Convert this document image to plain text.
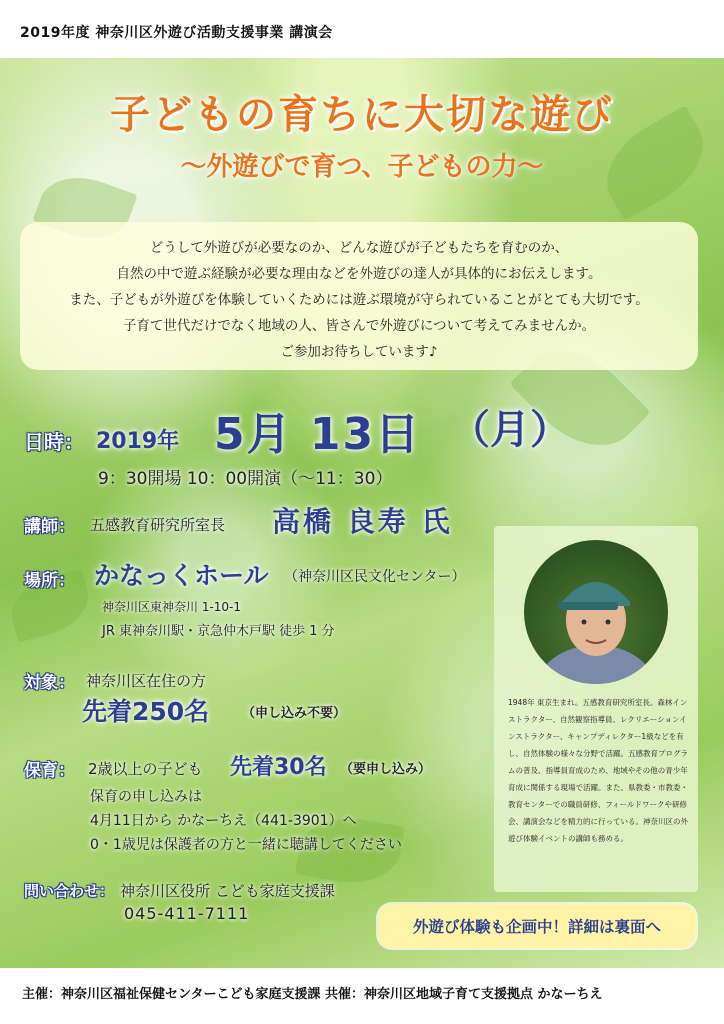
2019年度 神奈川区外遊び活動支援事業 講演会
子どもの育ちに大切な遊び
～外遊びで育つ、子どもの力～
どうして外遊びが必要なのか、どんな遊びが子どもたちを育むのか、
自然の中で遊ぶ経験が必要な理由などを外遊びの達人が具体的にお伝えします。
また、子どもが外遊びを体験していくためには遊ぶ環境が守られていることがとても大切です。
子育て世代だけでなく地域の人、皆さんで外遊びについて考えてみませんか。
ご参加お待ちしています♪
日時： 2019年 5月 13日 （月）
9：30開場 10：00開演（～11：30）
講師： 五感教育研究所室長 高橋 良寿 氏
場所： かなっくホール （神奈川区民文化センター）
神奈川区東神奈川 1-10-1
JR 東神奈川駅・京急仲木戸駅 徒歩 1 分
対象： 神奈川区在住の方
先着250名	（申し込み不要）
保育： 2歳以上の子ども 先着30名 （要申し込み）
保育の申し込みは
4月11日から かなーちえ（441-3901）へ
0・1歳児は保護者の方と一緒に聴講してください
問い合わせ： 神奈川区役所 こども家庭支援課
045-411-7111
1948年 東京生まれ。五感教育研究所室長。森林インストラクター、自然観察指導員、レクリエーションインストラクター、キャンプディレクター1級などを有し、自然体験の様々な分野で活躍。五感教育プログラムの普及、指導員育成のため、地域やその他の青少年育成に関係する現場で活躍。また、県教委・市教委・教育センターでの職員研修、フィールドワークや研修会、講演会などを精力的に行っている。神奈川区の外遊び体験イベントの講師も務める。
外遊び体験も企画中！詳細は裏面へ
主催：神奈川区福祉保健センターこども家庭支援課 共催：神奈川区地域子育て支援拠点 かなーちえ
